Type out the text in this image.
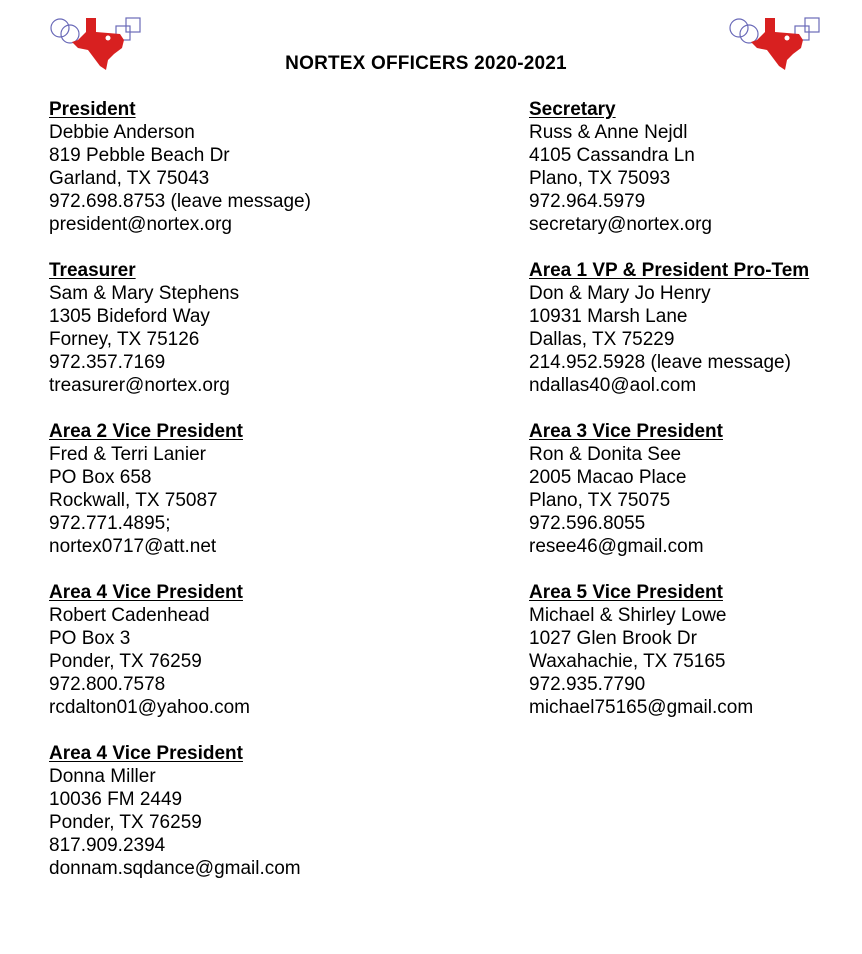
NORTEX OFFICERS 2020-2021
President
Debbie Anderson
819 Pebble Beach Dr
Garland, TX 75043
972.698.8753 (leave message)
president@nortex.org
Secretary
Russ & Anne Nejdl
4105 Cassandra Ln
Plano, TX 75093
972.964.5979
secretary@nortex.org
Treasurer
Sam & Mary Stephens
1305 Bideford Way
Forney, TX 75126
972.357.7169
treasurer@nortex.org
Area 1 VP & President Pro-Tem
Don & Mary Jo Henry
10931 Marsh Lane
Dallas, TX 75229
214.952.5928 (leave message)
ndallas40@aol.com
Area 2 Vice President
Fred & Terri Lanier
PO Box 658
Rockwall, TX 75087
972.771.4895;
nortex0717@att.net
Area 3 Vice President
Ron & Donita See
2005 Macao Place
Plano, TX 75075
972.596.8055
resee46@gmail.com
Area 4 Vice President
Robert Cadenhead
PO Box 3
Ponder, TX 76259
972.800.7578
rcdalton01@yahoo.com
Area 5 Vice President
Michael & Shirley Lowe
1027 Glen Brook Dr
Waxahachie, TX 75165
972.935.7790
michael75165@gmail.com
Area 4 Vice President
Donna Miller
10036 FM 2449
Ponder, TX 76259
817.909.2394
donnam.sqdance@gmail.com
